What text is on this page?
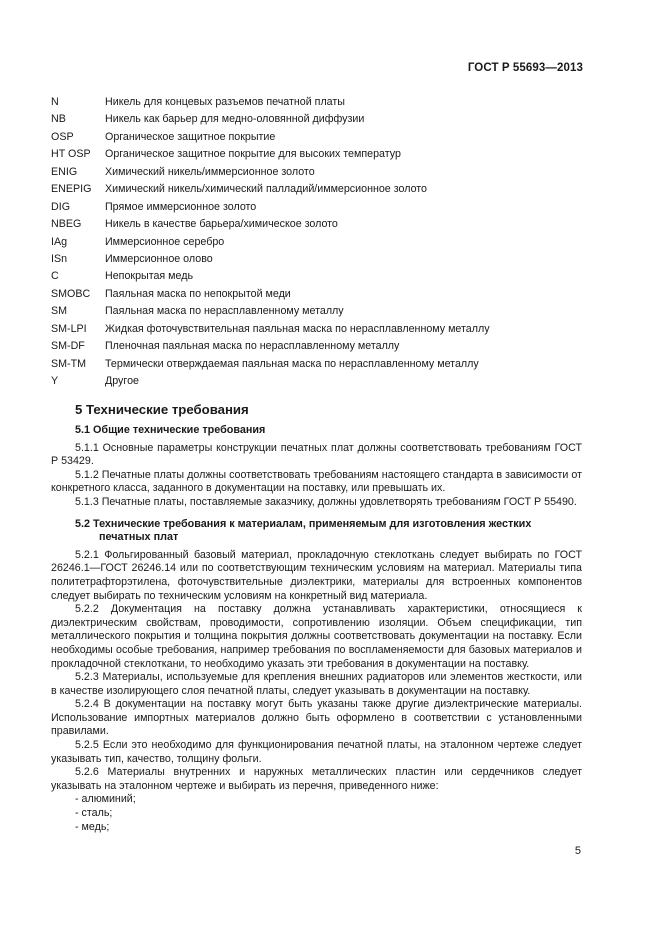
ГОСТ Р 55693—2013
N	Никель для концевых разъемов печатной платы
NB	Никель как барьер для медно-оловянной диффузии
OSP	Органическое защитное покрытие
HT OSP	Органическое защитное покрытие для высоких температур
ENIG	Химический никель/иммерсионное золото
ENEPIG	Химический никель/химический палладий/иммерсионное золото
DIG	Прямое иммерсионное золото
NBEG	Никель в качестве барьера/химическое золото
IAg	Иммерсионное серебро
ISn	Иммерсионное олово
C	Непокрытая медь
SMOBC	Паяльная маска по непокрытой меди
SM	Паяльная маска по нерасплавленному металлу
SM-LPI	Жидкая фоточувствительная паяльная маска по нерасплавленному металлу
SM-DF	Пленочная паяльная маска по нерасплавленному металлу
SM-TM	Термически отверждаемая паяльная маска по нерасплавленному металлу
Y	Другое
5 Технические требования
5.1 Общие технические требования

5.1.1 Основные параметры конструкции печатных плат должны соответствовать требованиям ГОСТ Р 53429.

5.1.2 Печатные платы должны соответствовать требованиям настоящего стандарта в зависимости от конкретного класса, заданного в документации на поставку, или превышать их.

5.1.3 Печатные платы, поставляемые заказчику, должны удовлетворять требованиям ГОСТ Р 55490.

5.2 Технические требования к материалам, применяемым для изготовления жестких печатных плат

5.2.1 Фольгированный базовый материал, прокладочную стеклоткань следует выбирать по ГОСТ 26246.1—ГОСТ 26246.14 или по соответствующим техническим условиям на материал. Материалы типа политетрафторэтилена, фоточувствительные диэлектрики, материалы для встроенных компонентов следует выбирать по техническим условиям на конкретный вид материала.

5.2.2 Документация на поставку должна устанавливать характеристики, относящиеся к диэлектрическим свойствам, проводимости, сопротивлению изоляции. Объем спецификации, тип металлического покрытия и толщина покрытия должны соответствовать документации на поставку. Если необходимы особые требования, например требования по воспламеняемости для базовых материалов и прокладочной стеклоткани, то необходимо указать эти требования в документации на поставку.

5.2.3 Материалы, используемые для крепления внешних радиаторов или элементов жесткости, или в качестве изолирующего слоя печатной платы, следует указывать в документации на поставку.

5.2.4 В документации на поставку могут быть указаны также другие диэлектрические материалы. Использование импортных материалов должно быть оформлено в соответствии с установленными правилами.

5.2.5 Если это необходимо для функционирования печатной платы, на эталонном чертеже следует указывать тип, качество, толщину фольги.

5.2.6 Материалы внутренних и наружных металлических пластин или сердечников следует указывать на эталонном чертеже и выбирать из перечня, приведенного ниже:

- алюминий;
- сталь;
- медь;
5
